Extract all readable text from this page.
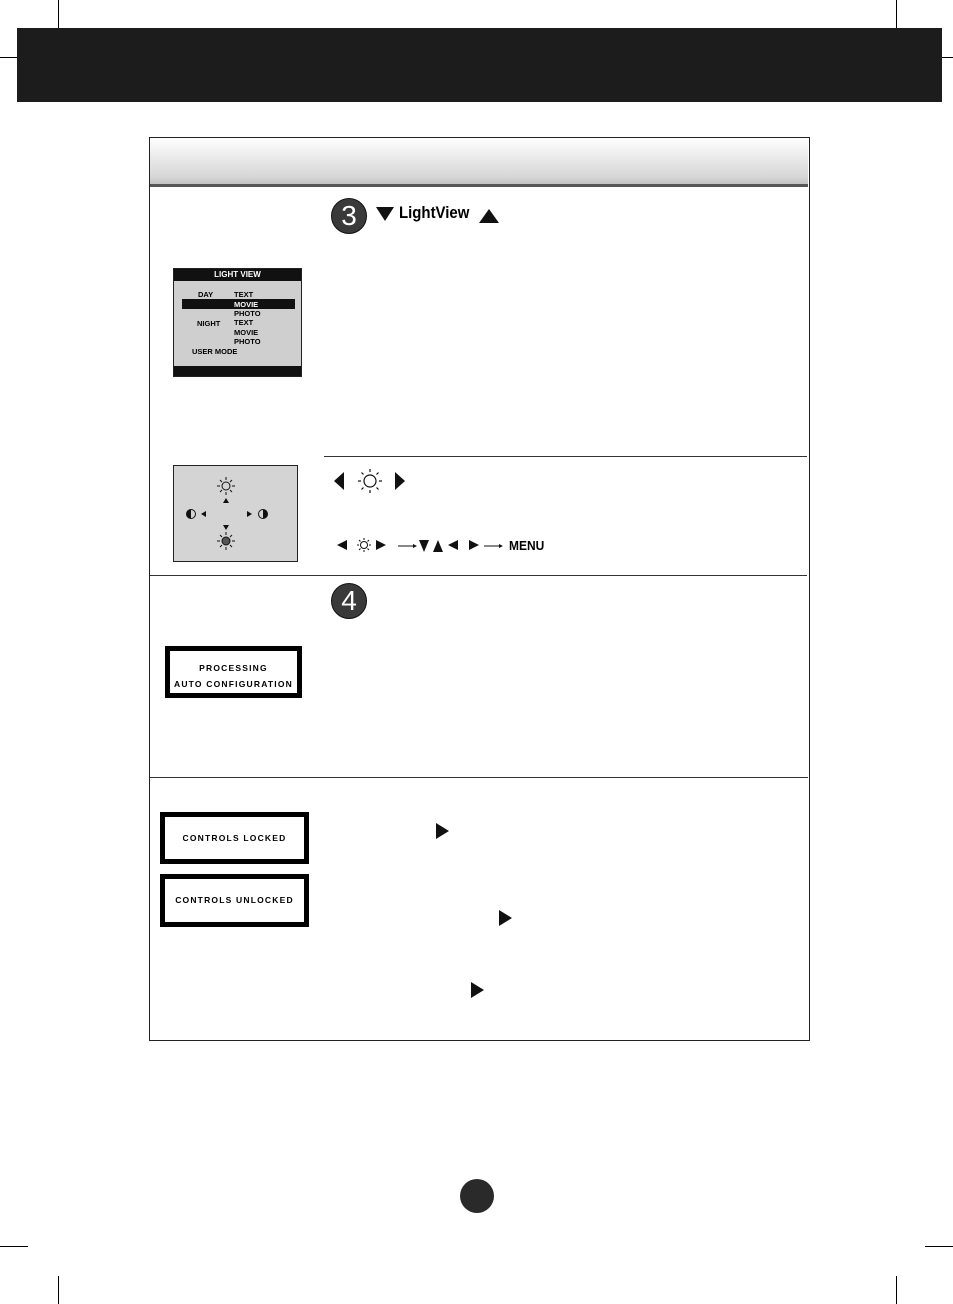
3	LightView
LIGHT VIEW
DAY	TEXT
MOVIE
PHOTO
NIGHT TEXT
MOVIE
PHOTO
USER MODE
MENU
4
PROCESSING
AUTO CONFIGURATION
CONTROLS LOCKED
CONTROLS UNLOCKED
